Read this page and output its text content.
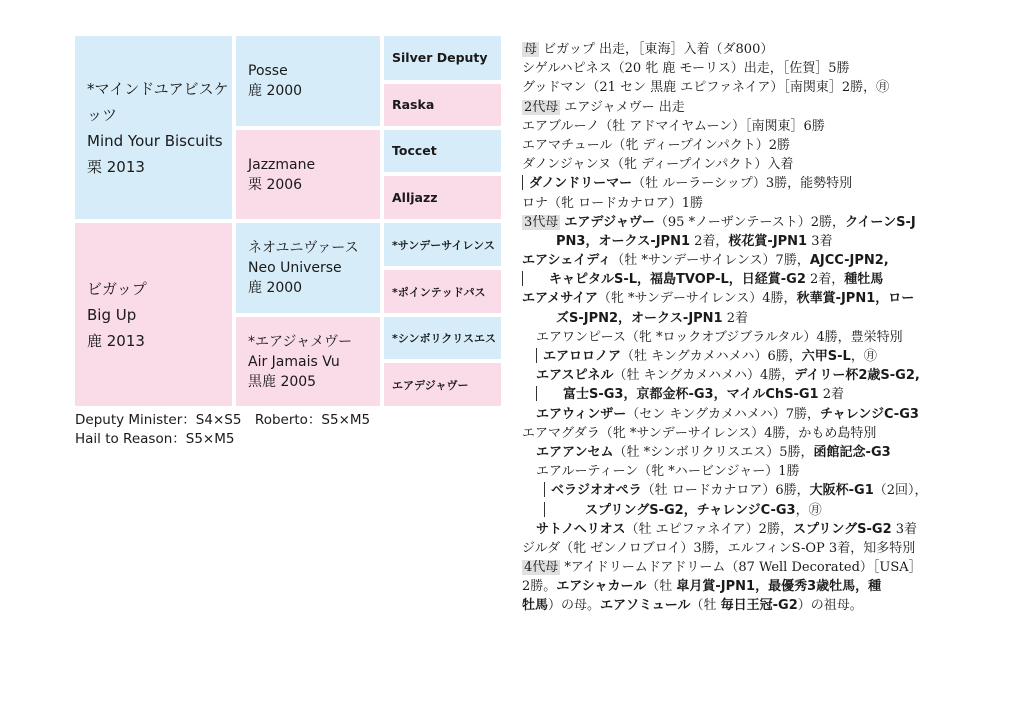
*マインドユアビスケッツ
Mind Your Biscuits
栗 2013
ビガップ
Big Up
鹿 2013
Posse
鹿 2000
Jazzmane
栗 2006
ネオユニヴァース
Neo Universe
鹿 2000
*エアジャメヴー
Air Jamais Vu
黒鹿 2005
Silver Deputy
Raska
Toccet
Alljazz
*サンデーサイレンス
*ポインテッドパス
*シンボリクリスエス
エアデジャヴー
Deputy Minister：S4×S5　Roberto：S5×M5
Hail to Reason：S5×M5
母 ビガップ 出走，［東海］入着（ダ800）
シゲルハピネス（20 牝 鹿 モーリス）出走，［佐賀］5勝
グッドマン（21 セン 黒鹿 エピファネイア）［南関東］2勝，㊊
2代母 エアジャメヴー 出走
エアブルーノ（牡 アドマイヤムーン）［南関東］6勝
エアマチュール（牝 ディープインパクト）2勝
ダノンジャンヌ（牝 ディープインパクト）入着
ダノンドリーマー（牡 ルーラーシップ）3勝，能勢特別
ロナ（牝 ロードカナロア）1勝
3代母 エアデジャヴー（95 *ノーザンテースト）2勝，クイーンS-J
PN3，オークス-JPN1 2着，桜花賞-JPN1 3着
エアシェイディ（牡 *サンデーサイレンス）7勝，AJCC-JPN2,
キャピタルS-L，福島TVOP-L，日経賞-G2 2着，種牡馬
エアメサイア（牝 *サンデーサイレンス）4勝，秋華賞-JPN1，ロー
ズS-JPN2，オークス-JPN1 2着
エアワンピース（牝 *ロックオブジブラルタル）4勝，豊栄特別
エアロロノア（牡 キングカメハメハ）6勝，六甲S-L，㊊
エアスピネル（牡 キングカメハメハ）4勝，デイリー杯2歳S-G2,
富士S-G3，京都金杯-G3，マイルChS-G1 2着
エアウィンザー（セン キングカメハメハ）7勝，チャレンジC-G3
エアマグダラ（牝 *サンデーサイレンス）4勝，かもめ島特別
エアアンセム（牡 *シンボリクリスエス）5勝，函館記念-G3
エアルーティーン（牝 *ハービンジャー）1勝
ベラジオオペラ（牡 ロードカナロア）6勝，大阪杯-G1（2回），
スプリングS-G2，チャレンジC-G3，㊊
サトノヘリオス（牡 エピファネイア）2勝，スプリングS-G2 3着
ジルダ（牝 ゼンノロブロイ）3勝，エルフィンS-OP 3着，知多特別
4代母 *アイドリームドアドリーム（87 Well Decorated）［USA］
2勝。エアシャカール（牡 皐月賞-JPN1，最優秀3歳牡馬，種
牡馬）の母。エアソミュール（牡 毎日王冠-G2）の祖母。
